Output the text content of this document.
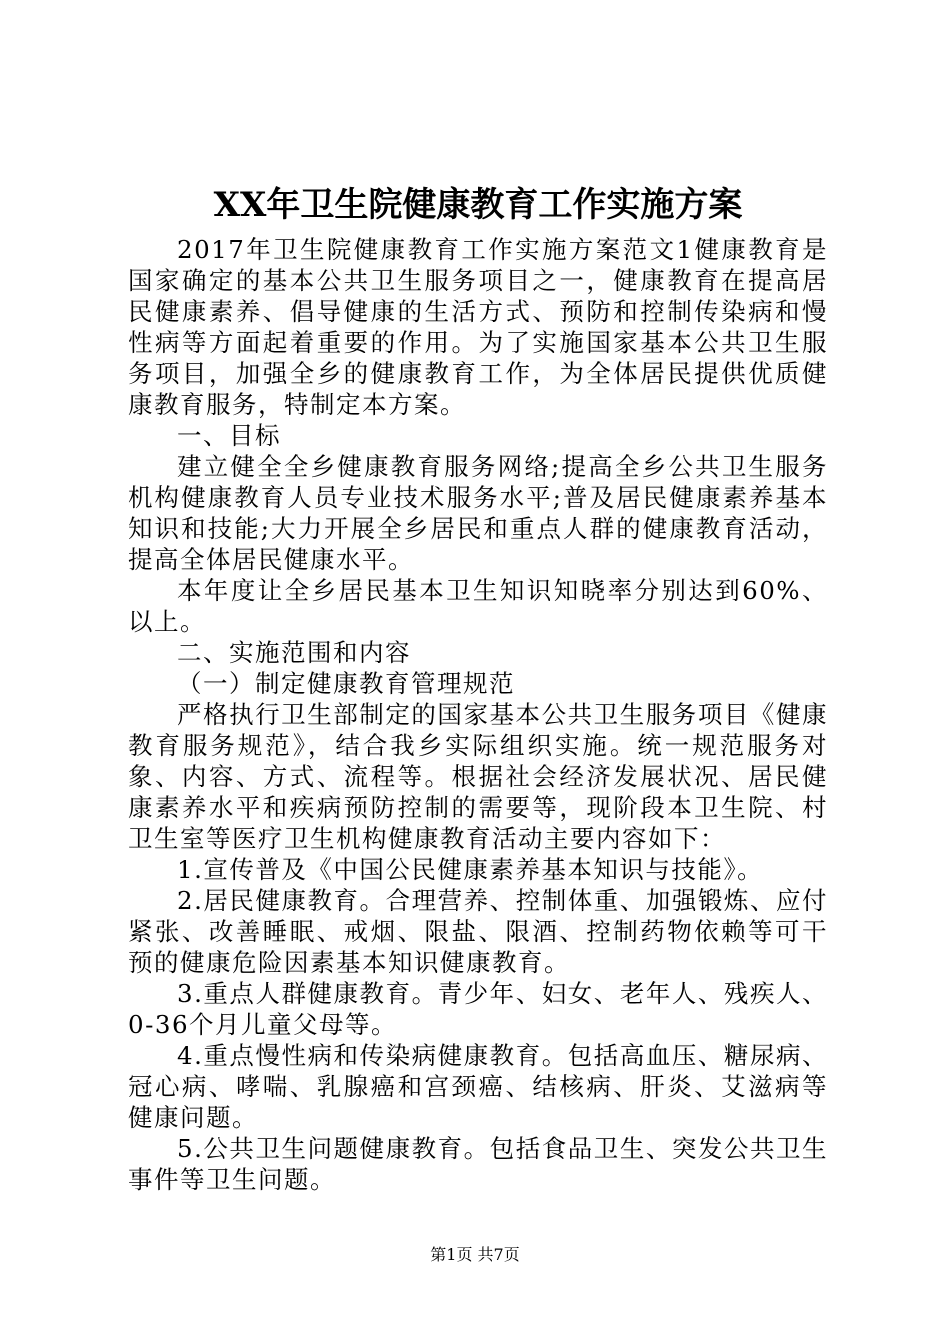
XX年卫生院健康教育工作实施方案

2017年卫生院健康教育工作实施方案范文1健康教育是国家确定的基本公共卫生服务项目之一，健康教育在提高居民健康素养、倡导健康的生活方式、预防和控制传染病和慢性病等方面起着重要的作用。为了实施国家基本公共卫生服务项目，加强全乡的健康教育工作，为全体居民提供优质健康教育服务，特制定本方案。

一、目标

建立健全全乡健康教育服务网络;提高全乡公共卫生服务机构健康教育人员专业技术服务水平;普及居民健康素养基本知识和技能;大力开展全乡居民和重点人群的健康教育活动，提高全体居民健康水平。

本年度让全乡居民基本卫生知识知晓率分别达到60%、以上。

二、实施范围和内容

（一）制定健康教育管理规范

严格执行卫生部制定的国家基本公共卫生服务项目《健康教育服务规范》，结合我乡实际组织实施。统一规范服务对象、内容、方式、流程等。根据社会经济发展状况、居民健康素养水平和疾病预防控制的需要等，现阶段本卫生院、村卫生室等医疗卫生机构健康教育活动主要内容如下：

1.宣传普及《中国公民健康素养基本知识与技能》。

2.居民健康教育。合理营养、控制体重、加强锻炼、应付紧张、改善睡眠、戒烟、限盐、限酒、控制药物依赖等可干预的健康危险因素基本知识健康教育。

3.重点人群健康教育。青少年、妇女、老年人、残疾人、0-36个月儿童父母等。

4.重点慢性病和传染病健康教育。包括高血压、糖尿病、冠心病、哮喘、乳腺癌和宫颈癌、结核病、肝炎、艾滋病等健康问题。

5.公共卫生问题健康教育。包括食品卫生、突发公共卫生事件等卫生问题。

第1页 共7页
